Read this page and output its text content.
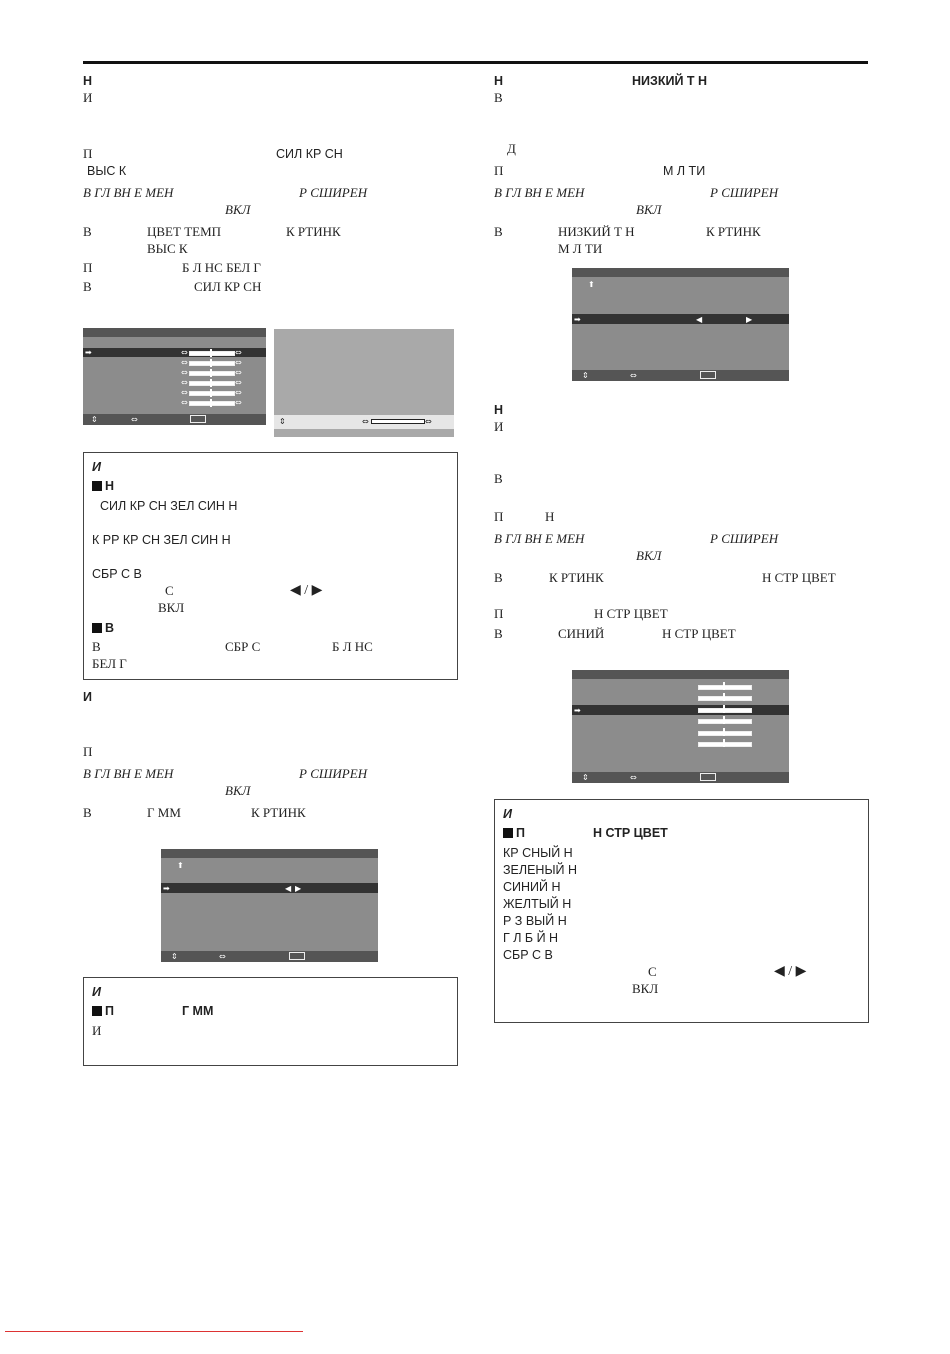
Н
И
П	СИЛ КР СН
ВЫС К
В ГЛ ВН Е МЕН	Р СШИРЕН
ВКЛ
В	ЦВЕТ ТЕМП	К РТИНК
ВЫС К
П	Б Л НС БЕЛ Г
В	СИЛ КР СН
➡	⇔	⇔
⇔	⇔
⇔	⇔
⇔	⇔
⇔	⇔
⇔	⇔
⇕	⇔	⇕	⇔	⇔
И
Н
СИЛ КР СН ЗЕЛ СИН Н
К РР КР СН ЗЕЛ СИН Н
СБР С В
С	◀ / ▶
ВКЛ
В
В	СБР С	Б Л НС
БЕЛ Г
И
П
В ГЛ ВН Е МЕН	Р СШИРЕН
ВКЛ
В	Г ММ	К РТИНК
⬆
➡	◀ ▶
⇕	⇔
И
П	Г ММ
И
Н	НИЗКИЙ Т Н
В
Д
П	М Л ТИ
В ГЛ ВН Е МЕН	Р СШИРЕН
ВКЛ
В	НИЗКИЙ Т Н	К РТИНК
М Л ТИ
⬆
➡	◀	▶
⇕	⇔
Н
И
В
П	Н
В ГЛ ВН Е МЕН	Р СШИРЕН
ВКЛ
В	К РТИНК	Н СТР ЦВЕТ
П	Н СТР ЦВЕТ
В	СИНИЙ	Н СТР ЦВЕТ
➡
⇕	⇔
И
П	Н СТР ЦВЕТ
КР СНЫЙ Н
ЗЕЛЕНЫЙ Н
СИНИЙ Н
ЖЕЛТЫЙ Н
Р З ВЫЙ Н
Г Л Б Й Н
СБР С В
С	◀ / ▶
ВКЛ
